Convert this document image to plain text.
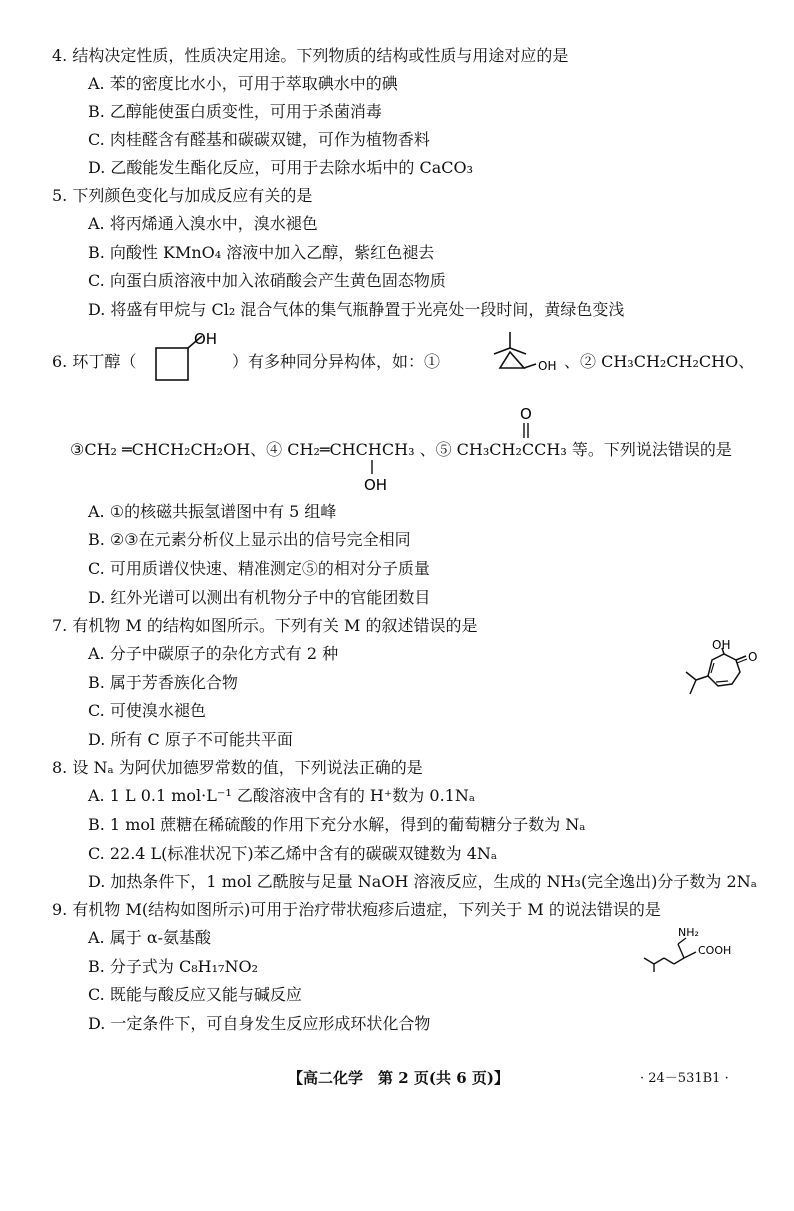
4. 结构决定性质，性质决定用途。下列物质的结构或性质与用途对应的是
A. 苯的密度比水小，可用于萃取碘水中的碘
B. 乙醇能使蛋白质变性，可用于杀菌消毒
C. 肉桂醛含有醛基和碳碳双键，可作为植物香料
D. 乙酸能发生酯化反应，可用于去除水垢中的 CaCO₃
5. 下列颜色变化与加成反应有关的是
A. 将丙烯通入溴水中，溴水褪色
B. 向酸性 KMnO₄ 溶液中加入乙醇，紫红色褪去
C. 向蛋白质溶液中加入浓硝酸会产生黄色固态物质
D. 将盛有甲烷与 Cl₂ 混合气体的集气瓶静置于光亮处一段时间，黄绿色变浅
6. 环丁醇（
OH
）有多种同分异构体，如：①	OH 、② CH₃CH₂CH₂CHO、
O
③CH₂ ═CHCH₂CH₂OH、④ CH₂═CHCHCH₃ 、⑤ CH₃CH₂CCH₃ 等。下列说法错误的是
OH
A. ①的核磁共振氢谱图中有 5 组峰
B. ②③在元素分析仪上显示出的信号完全相同
C. 可用质谱仪快速、精准测定⑤的相对分子质量
D. 红外光谱可以测出有机物分子中的官能团数目
7. 有机物 M 的结构如图所示。下列有关 M 的叙述错误的是
OH
O
A. 分子中碳原子的杂化方式有 2 种
B. 属于芳香族化合物
C. 可使溴水褪色
D. 所有 C 原子不可能共平面
8. 设 Nₐ 为阿伏加德罗常数的值，下列说法正确的是
A. 1 L 0.1 mol·L⁻¹ 乙酸溶液中含有的 H⁺数为 0.1Nₐ
B. 1 mol 蔗糖在稀硫酸的作用下充分水解，得到的葡萄糖分子数为 Nₐ
C. 22.4 L(标准状况下)苯乙烯中含有的碳碳双键数为 4Nₐ
D. 加热条件下，1 mol 乙酰胺与足量 NaOH 溶液反应，生成的 NH₃(完全逸出)分子数为 2Nₐ
9. 有机物 M(结构如图所示)可用于治疗带状疱疹后遗症，下列关于 M 的说法错误的是
NH₂
COOH
A. 属于 α-氨基酸
B. 分子式为 C₈H₁₇NO₂
C. 既能与酸反应又能与碱反应
D. 一定条件下，可自身发生反应形成环状化合物
【高二化学　第 2 页(共 6 页)】	· 24－531B1 ·
